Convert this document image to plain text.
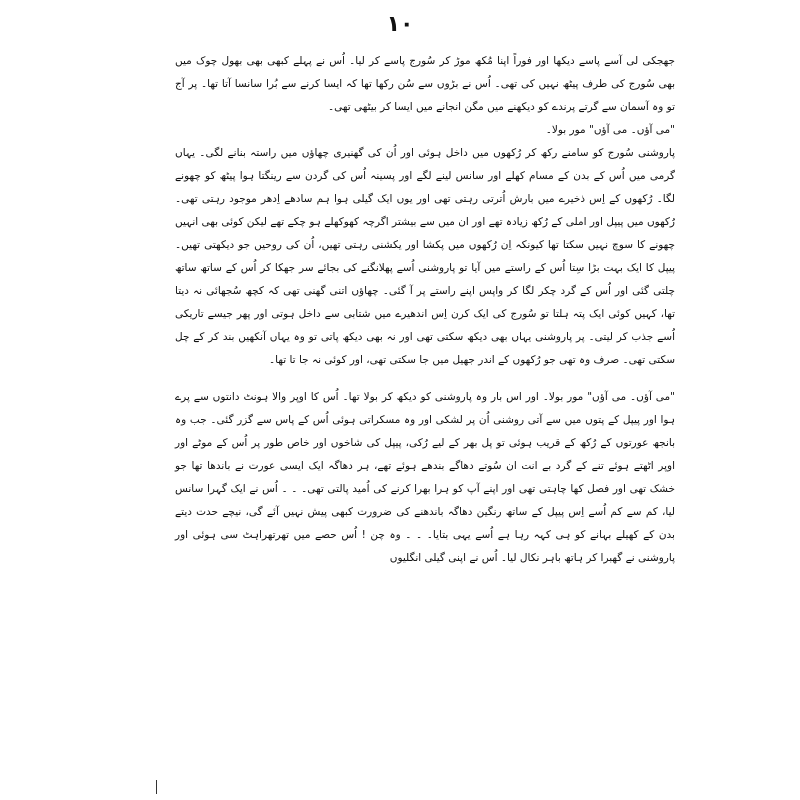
١٠

جھجکی لی آسے پاسے دیکھا اور فوراً اپنا مُکھ موڑ کر سُورج پاسے کر لیا۔ اُس نے پہلے کبھی بھی بھول چوک میں بھی سُورج کی طرف پیٹھ نہیں کی تھی۔ اُس نے بڑوں سے سُن رکھا تھا کہ ایسا کرنے سے بُرا سانسا آتا تھا۔ پر آج تو وہ آسمان سے گرتے پرندے کو دیکھنے میں مگن انجانے میں ایسا کر بیٹھی تھی۔

"می آؤں۔ می آؤں" مور بولا۔

پاروشنی سُورج کو سامنے رکھ کر رُکھوں میں داخل ہوئی اور اُن کی گھنیری چھاؤں میں راستہ بنانے لگی۔ یہاں گرمی میں اُس کے بدن کے مسام کھلے اور سانس لینے لگے اور پسینہ اُس کی گردن سے رینگتا ہوا پیٹھ کو چھونے لگا۔ رُکھوں کے اِس ذخیرے میں بارش اُترتی رہتی تھی اور یوں ایک گیلی ہوا ہم سادھے اِدھر موجود رہتی تھی۔ رُکھوں میں پیپل اور املی کے رُکھ زیادہ تھے اور ان میں سے بیشتر اگرچہ کھوکھلے ہو چکے تھے لیکن کوئی بھی انہیں چھونے کا سوچ نہیں سکتا تھا کیونکہ اِن رُکھوں میں پکشا اور یکشنی رہتی تھیں، اُن کی روحیں جو دیکھتی تھیں۔ پیپل کا ایک بہت بڑا سِتا اُس کے راستے میں آیا تو پاروشنی اُسے پھلانگنے کی بجائے سر جھکا کر اُس کے ساتھ ساتھ چلتی گئی اور اُس کے گرد چکر لگا کر واپس اپنے راستے پر آ گئی۔ چھاؤں اتنی گھنی تھی کہ کچھ سُجھائی نہ دیتا تھا، کہیں کوئی ایک پتہ ہلتا تو سُورج کی ایک کرن اِس اندھیرے میں شتابی سے داخل ہوتی اور پھر جیسے تاریکی اُسے جذب کر لیتی۔ پر پاروشنی یہاں بھی دیکھ سکتی تھی اور نہ بھی دیکھ پاتی تو وہ یہاں آنکھیں بند کر کے چل سکتی تھی۔ صرف وہ تھی جو رُکھوں کے اندر جھیل میں جا سکتی تھی، اور کوئی نہ جا تا تھا۔

"می آؤں۔ می آؤں" مور بولا۔ اور اس بار وہ پاروشنی کو دیکھ کر بولا تھا۔ اُس کا اوپر والا ہونٹ دانتوں سے پرے ہوا اور پیپل کے پتوں میں سے آتی روشنی اُن پر لشکی اور وہ مسکراتی ہوئی اُس کے پاس سے گزر گئی۔ جب وہ بانجھ عورتوں کے رُکھ کے قریب ہوئی تو پل بھر کے لیے رُکی، پیپل کی شاخوں اور خاص طور پر اُس کے موٹے اور اوپر اٹھتے ہوئے تنے کے گرد بے انت ان سُوتے دھاگے بندھے ہوئے تھے، ہر دھاگہ ایک ایسی عورت نے باندھا تھا جو خشک تھی اور فصل کھا چاہتی تھی اور اپنے آپ کو ہرا بھرا کرنے کی اُمید پالتی تھی۔ ۔ ۔ اُس نے ایک گہرا سانس لیا، کم سے کم اُسے اِس پیپل کے ساتھ رنگین دھاگہ باندھنے کی ضرورت کبھی پیش نہیں آئے گی، نیچے حدت دیتے بدن کے کھیلے بہانے کو ہی کہہ رہا ہے اُسے یہی بتایا۔ ۔ ۔ وہ چن ! اُس حصے میں تھرتھراہٹ سی ہوئی اور پاروشنی نے گھبرا کر ہاتھ باہر نکال لیا۔ اُس نے اپنی گیلی انگلیوں
